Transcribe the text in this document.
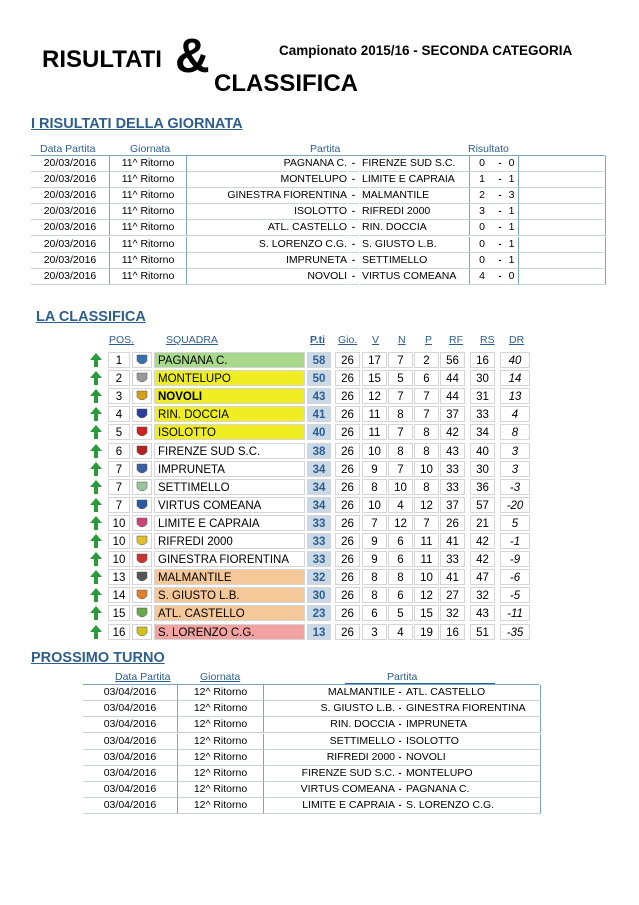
RISULTATI &
CLASSIFICA
Campionato 2015/16 - SECONDA CATEGORIA
I RISULTATI DELLA GIORNATA
Data Partita	Giornata	Partita	Risultato
20/03/2016	11^ Ritorno	PAGNANA C. - FIRENZE SUD S.C.	0	- 0
20/03/2016	11^ Ritorno	MONTELUPO - LIMITE E CAPRAIA	1	- 1
20/03/2016	11^ Ritorno	GINESTRA FIORENTINA - MALMANTILE	2	- 3
20/03/2016	11^ Ritorno	ISOLOTTO - RIFREDI 2000	3	- 1
20/03/2016	11^ Ritorno	ATL. CASTELLO - RIN. DOCCIA	0	- 1
20/03/2016	11^ Ritorno	S. LORENZO C.G. - S. GIUSTO L.B.	0	- 1
20/03/2016	11^ Ritorno	IMPRUNETA - SETTIMELLO	0	- 1
20/03/2016	11^ Ritorno	NOVOLI - VIRTUS COMEANA	4	- 0
LA CLASSIFICA
POS.	SQUADRA	P.ti Gio. V N P RF RS DR
1	PAGNANA C.	58	26	17	7	2	56	16	40
2	MONTELUPO	50	26	15	5	6	44	30	14
3	NOVOLI	43	26	12	7	7	44	31	13
4	RIN. DOCCIA	41	26	11	8	7	37	33	4
5	ISOLOTTO	40	26	11	7	8	42	34	8
6	FIRENZE SUD S.C.	38	26	10	8	8	43	40	3
7	IMPRUNETA	34	26	9	7	10	33	30	3
7	SETTIMELLO	34	26	8	10	8	33	36	-3
7	VIRTUS COMEANA	34	26	10	4	12	37	57	-20
10	LIMITE E CAPRAIA	33	26	7	12	7	26	21	5
10	RIFREDI 2000	33	26	9	6	11	41	42	-1
10	GINESTRA FIORENTINA	33	26	9	6	11	33	42	-9
13	MALMANTILE	32	26	8	8	10	41	47	-6
14	S. GIUSTO L.B.	30	26	8	6	12	27	32	-5
15	ATL. CASTELLO	23	26	6	5	15	32	43	-11
16	S. LORENZO C.G.	13	26	3	4	19	16	51	-35
PROSSIMO TURNO
Data Partita	Giornata	Partita
03/04/2016	12^ Ritorno	MALMANTILE - ATL. CASTELLO
03/04/2016	12^ Ritorno	S. GIUSTO L.B. - GINESTRA FIORENTINA
03/04/2016	12^ Ritorno	RIN. DOCCIA - IMPRUNETA
03/04/2016	12^ Ritorno	SETTIMELLO - ISOLOTTO
03/04/2016	12^ Ritorno	RIFREDI 2000 - NOVOLI
03/04/2016	12^ Ritorno	FIRENZE SUD S.C. - MONTELUPO
03/04/2016	12^ Ritorno	VIRTUS COMEANA - PAGNANA C.
03/04/2016	12^ Ritorno	LIMITE E CAPRAIA - S. LORENZO C.G.
